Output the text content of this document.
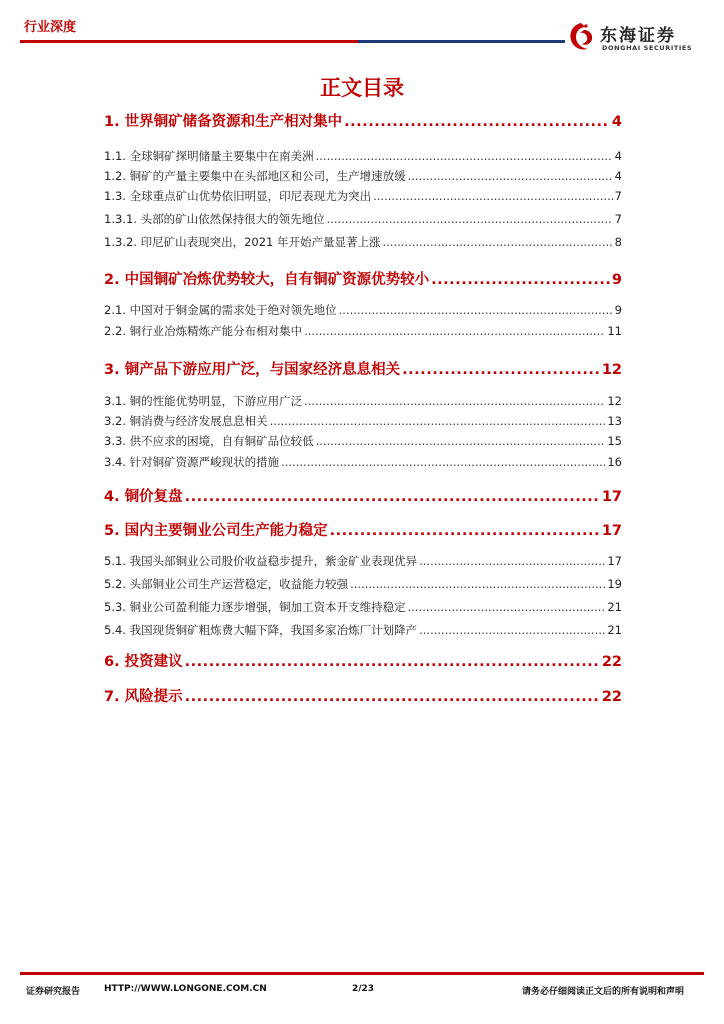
行业深度	东海证券
DONGHAI SECURITIES
正文目录
1. 世界铜矿储备资源和生产相对集中 .....	4
1.1. 全球铜矿探明储量主要集中在南美洲 .....	4
1.2. 铜矿的产量主要集中在头部地区和公司，生产增速放缓 .....	4
1.3. 全球重点矿山优势依旧明显，印尼表现尤为突出 .....	7
1.3.1. 头部的矿山依然保持很大的领先地位 .....	7
1.3.2. 印尼矿山表现突出，2021 年开始产量显著上涨 .....	8
2. 中国铜矿冶炼优势较大，自有铜矿资源优势较小 .....	9
2.1. 中国对于铜金属的需求处于绝对领先地位 .....	9
2.2. 铜行业冶炼精炼产能分布相对集中 .....	11
3. 铜产品下游应用广泛，与国家经济息息相关 .....	12
3.1. 铜的性能优势明显，下游应用广泛 .....	12
3.2. 铜消费与经济发展息息相关 .....	13
3.3. 供不应求的困境，自有铜矿品位较低 .....	15
3.4. 针对铜矿资源严峻现状的措施 .....	16
4. 铜价复盘 .....	17
5. 国内主要铜业公司生产能力稳定 .....	17
5.1. 我国头部铜业公司股价收益稳步提升，紫金矿业表现优异 .....	17
5.2. 头部铜业公司生产运营稳定，收益能力较强 .....	19
5.3. 铜业公司盈利能力逐步增强，铜加工资本开支维持稳定 .....	21
5.4. 我国现货铜矿粗炼费大幅下降，我国多家冶炼厂计划降产 .....	21
6. 投资建议 .....	22
7. 风险提示 .....	22
证券研究报告	HTTP://WWW.LONGONE.COM.CN	2/23	请务必仔细阅读正文后的所有说明和声明
